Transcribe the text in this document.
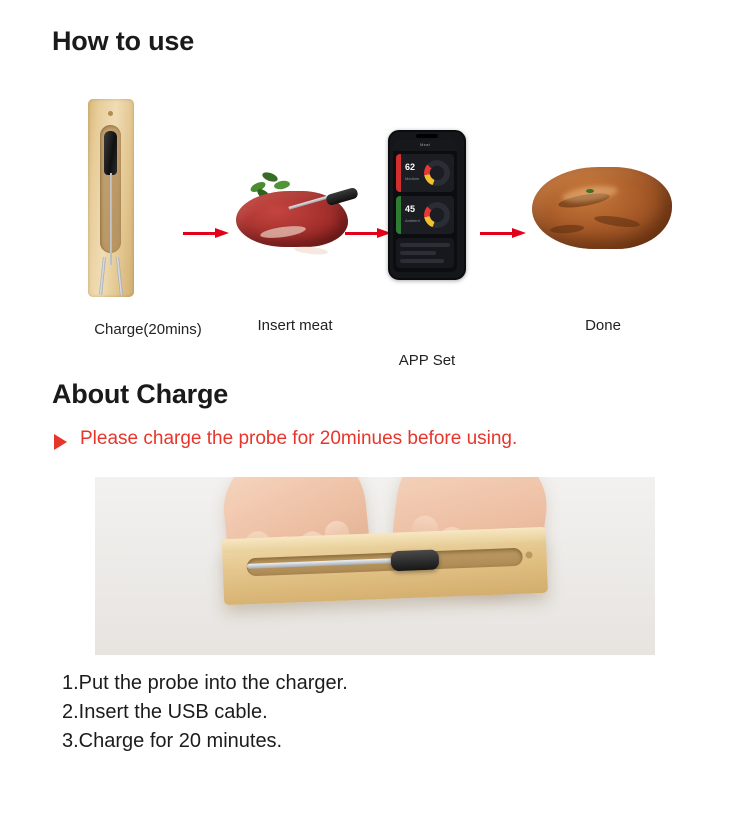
How to use
Charge(20mins)	Insert meat
Meat
62
Medium
45
Ambient
APP Set
Done
About Charge
Please charge the probe for 20minues before using.
1.Put the probe into the charger.
2.Insert the USB cable.
3.Charge for 20 minutes.
